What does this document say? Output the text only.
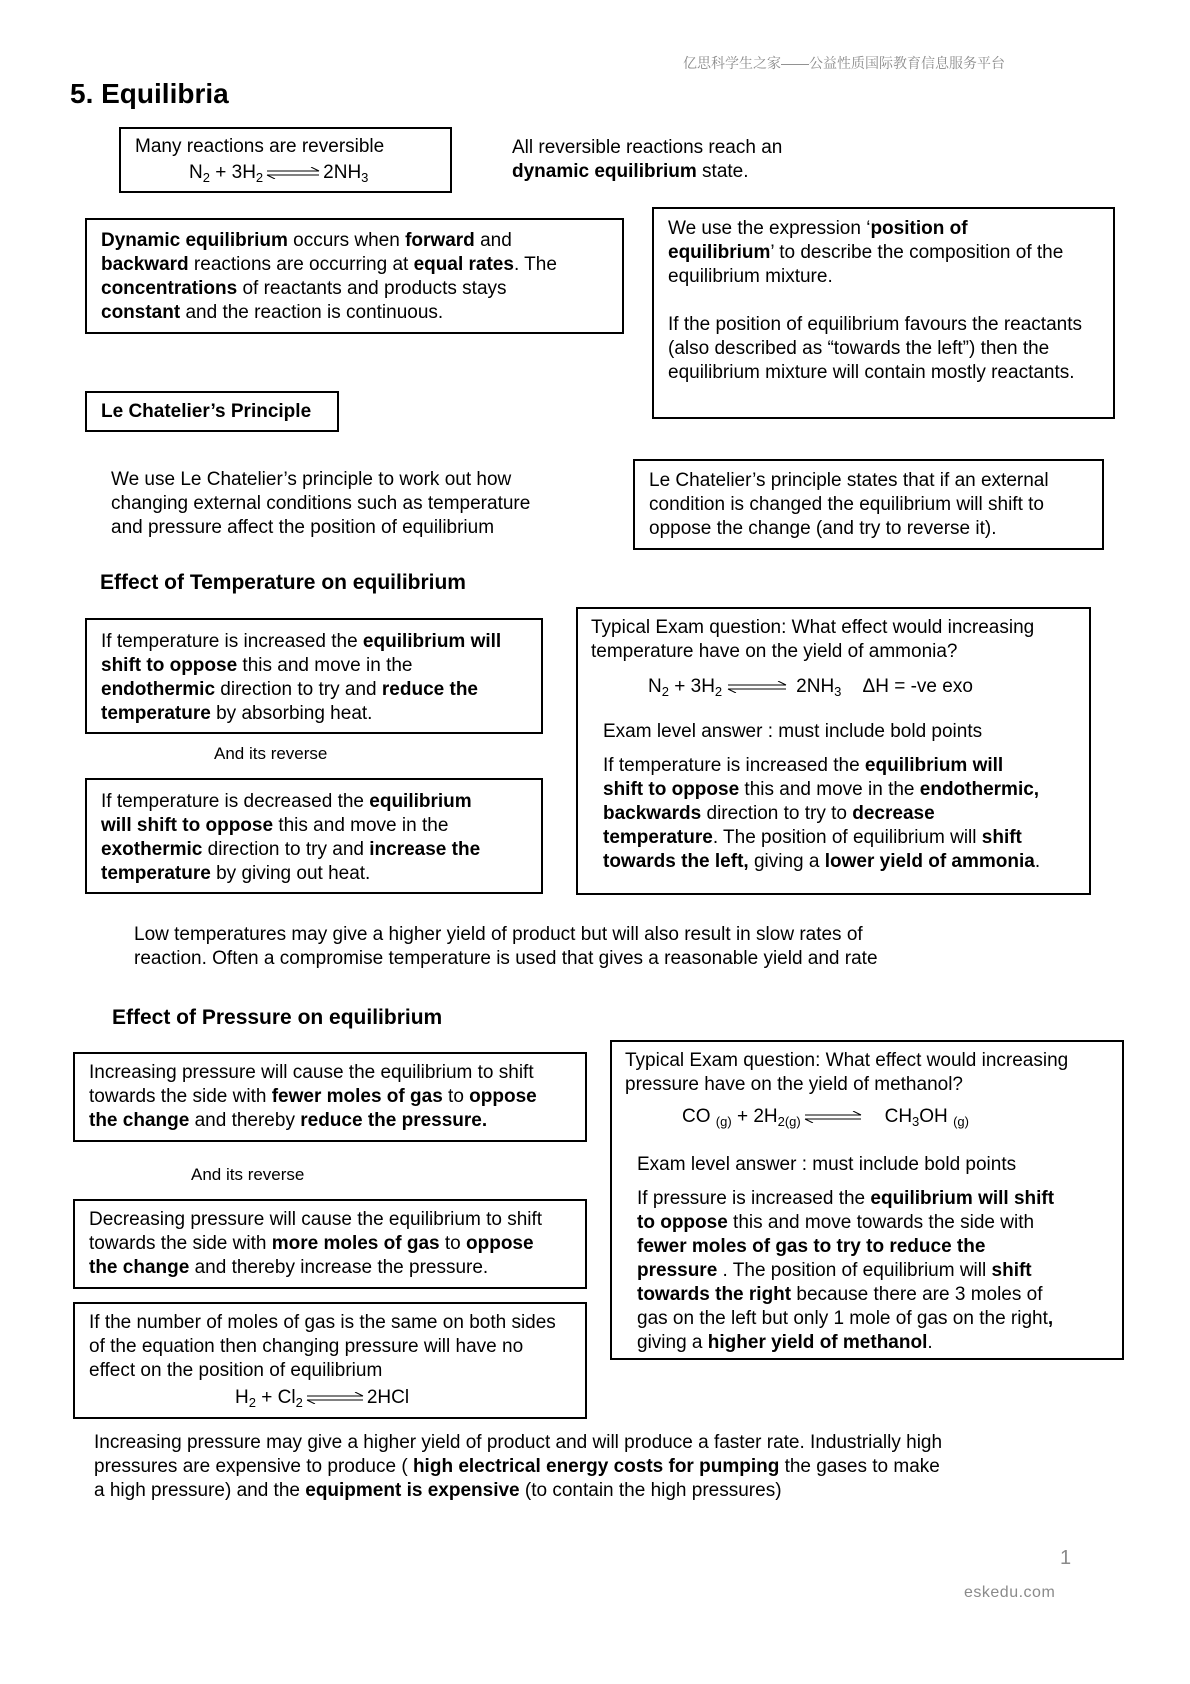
亿思科学生之家——公益性质国际教育信息服务平台
5. Equilibria
Many reactions are reversible
$N_2 + 3H_2$ ⇌ $2NH_3$
All reversible reactions reach an
dynamic equilibrium state.
Dynamic equilibrium occurs when forward and
backward reactions are occurring at equal rates. The
concentrations of reactants and products stays
constant and the reaction is continuous.
We use the expression ‘position of
equilibrium’ to describe the composition of the
equilibrium mixture.
If the position of equilibrium favours the reactants (also described as “towards the left”) then the equilibrium mixture will contain mostly reactants.
Le Chatelier’s Principle
We use Le Chatelier’s principle to work out how changing external conditions such as temperature and pressure affect the position of equilibrium
Le Chatelier’s principle states that if an external condition is changed the equilibrium will shift to oppose the change (and try to reverse it).
Effect of Temperature on equilibrium
If temperature is increased the equilibrium will
shift to oppose this and move in the
endothermic direction to try and reduce the
temperature by absorbing heat.
And its reverse
If temperature is decreased the equilibrium
will shift to oppose this and move in the
exothermic direction to try and increase the
temperature by giving out heat.
Typical Exam question: What effect would increasing temperature have on the yield of ammonia?
$N_2 + 3H_2$ ⇌ $2NH_3$ ΔH = -ve exo
Exam level answer : must include bold points
If temperature is increased the equilibrium will
shift to oppose this and move in the endothermic,
backwards direction to try to decrease
temperature. The position of equilibrium will shift
towards the left, giving a lower yield of ammonia.
Low temperatures may give a higher yield of product but will also result in slow rates of reaction. Often a compromise temperature is used that gives a reasonable yield and rate
Effect of Pressure on equilibrium
Increasing pressure will cause the equilibrium to shift
towards the side with fewer moles of gas to oppose
the change and thereby reduce the pressure.
And its reverse
Decreasing pressure will cause the equilibrium to shift
towards the side with more moles of gas to oppose
the change and thereby increase the pressure.
If the number of moles of gas is the same on both sides of the equation then changing pressure will have no effect on the position of equilibrium
$H_2 + Cl_2$ ⇌ 2HCl
Typical Exam question: What effect would increasing pressure have on the yield of methanol?
CO $_{(g)} + 2H_{2(g)}$ ⇌ $CH_3OH$ $_{(g)}$
Exam level answer : must include bold points
If pressure is increased the equilibrium will shift
to oppose this and move towards the side with
fewer moles of gas to try to reduce the
pressure . The position of equilibrium will shift
towards the right because there are 3 moles of
gas on the left but only 1 mole of gas on the right,
giving a higher yield of methanol.
Increasing pressure may give a higher yield of product and will produce a faster rate. Industrially high
pressures are expensive to produce ( high electrical energy costs for pumping the gases to make
a high pressure) and the equipment is expensive (to contain the high pressures)
1
eskedu.com
